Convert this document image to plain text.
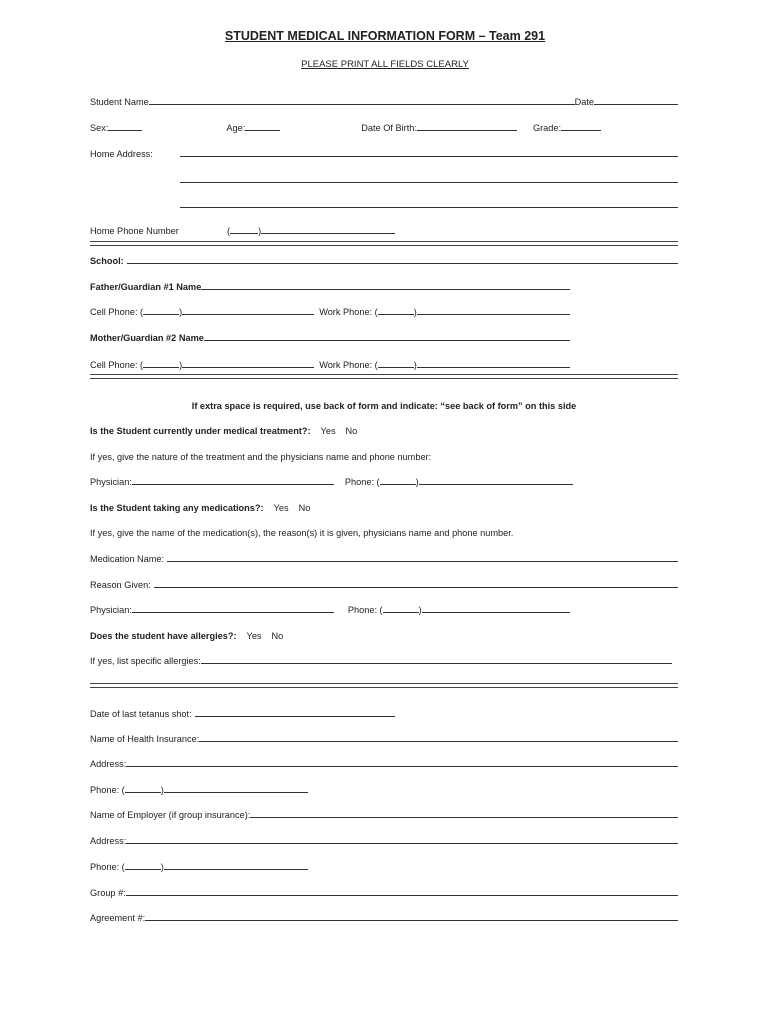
STUDENT MEDICAL INFORMATION FORM – Team 291
PLEASE PRINT ALL FIELDS CLEARLY
Student Name	Date
Sex:	Age:	Date Of Birth:	Grade:
Home Address:
Home Phone Number	(	)
School:
Father/Guardian #1 Name
Cell Phone: (	)	Work Phone: (	)
Mother/Guardian #2 Name
Cell Phone: (	)	Work Phone: (	)
If extra space is required, use back of form and indicate: “see back of form” on this side
Is the Student currently under medical treatment?: Yes No
If yes, give the nature of the treatment and the physicians name and phone number:
Physician:	Phone: (	)
Is the Student taking any medications?: Yes No
If yes, give the name of the medication(s), the reason(s) it is given, physicians name and phone number.
Medication Name:
Reason Given:
Physician:	Phone: (	)
Does the student have allergies?: Yes No
If yes, list specific allergies:
Date of last tetanus shot:
Name of Health Insurance:
Address:
Phone: (	)
Name of Employer (if group insurance):
Address:
Phone: (	)
Group #:
Agreement #:
